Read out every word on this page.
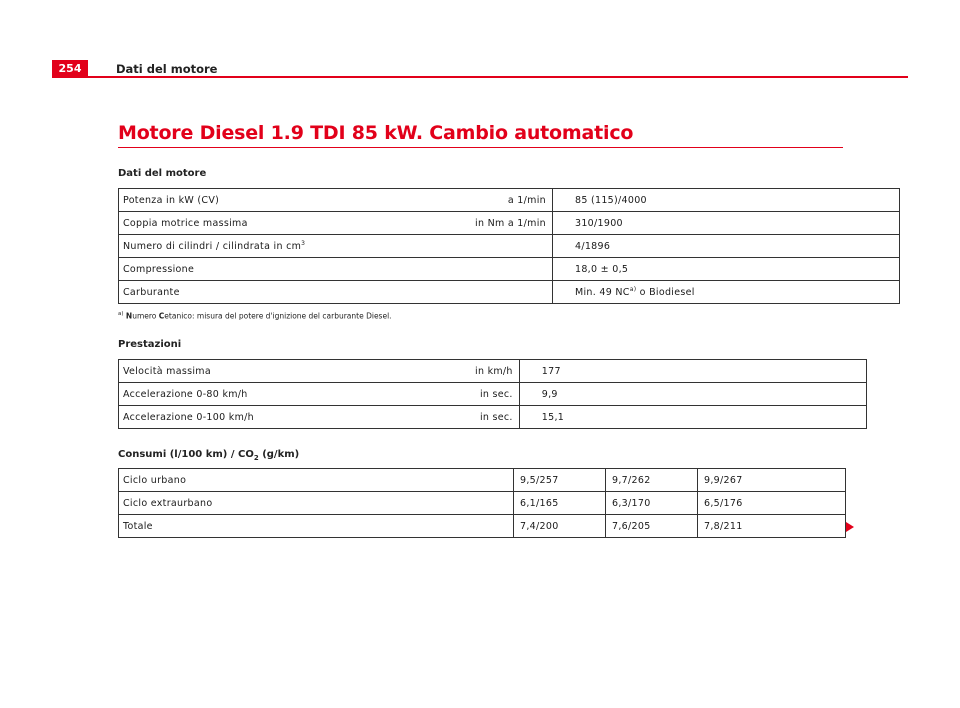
254	Dati del motore
Motore Diesel 1.9 TDI 85 kW. Cambio automatico
Dati del motore
Potenza in kW (CV)	a 1/min	85 (115)/4000
Coppia motrice massima	in Nm a 1/min	310/1900
Numero di cilindri / cilindrata in $cm^3$		4/1896
Compressione		18,0 ± 0,5
Carburante		Min. 49 NC$^{a)}$ o Biodiesel
$^{a)}$ Numero Cetanico: misura del potere d'ignizione del carburante Diesel.
Prestazioni
Velocità massima	in km/h	177
Accelerazione 0-80 km/h	in sec.	9,9
Accelerazione 0-100 km/h	in sec.	15,1
Consumi (l/100 $km) / CO_2$ (g/km)
Ciclo urbano	9,5/257	9,7/262	9,9/267
Ciclo extraurbano	6,1/165	6,3/170	6,5/176
Totale	7,4/200	7,6/205	7,8/211
